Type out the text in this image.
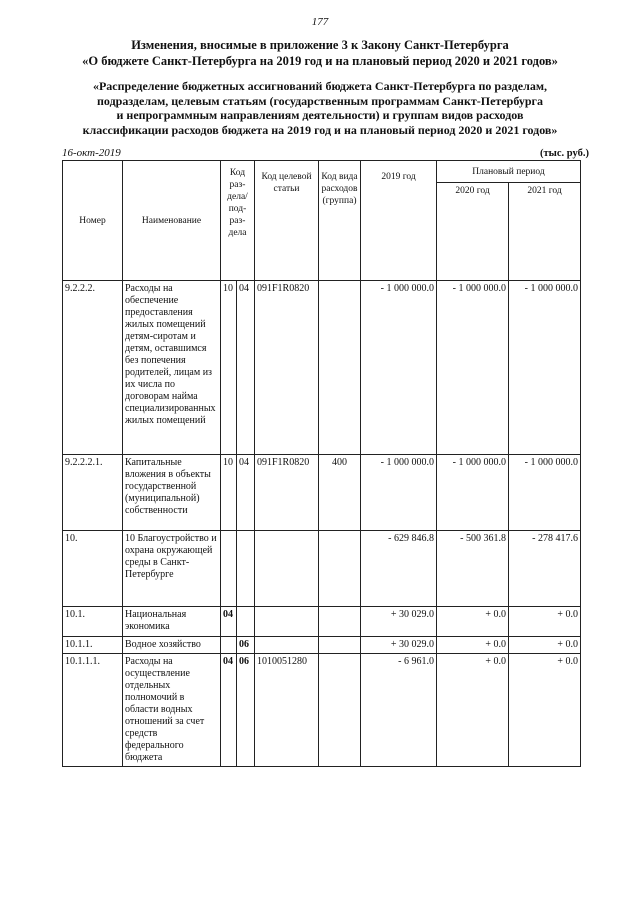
177
Изменения, вносимые в приложение 3 к Закону Санкт-Петербурга
«О бюджете Санкт-Петербурга на 2019 год и на плановый период 2020 и 2021 годов»
«Распределение бюджетных ассигнований бюджета Санкт-Петербурга по разделам,
подразделам, целевым статьям (государственным программам Санкт-Петербурга
и непрограммным направлениям деятельности) и группам видов расходов
классификации расходов бюджета на 2019 год и на плановый период 2020 и 2021 годов»
16-окт-2019	(тыс. руб.)
Номер	Наименование	Код раз-дела/ под-раз-дела		Код целевой статьи	Код вида расходов (группа)	2019 год	Плановый период	
							2020 год	2021 год
9.2.2.2.	Расходы на обеспечение предоставления жилых помещений детям-сиротам и детям, оставшимся без попечения родителей, лицам из их числа по договорам найма специализированных жилых помещений	10	04	091F1R0820		- 1 000 000.0	- 1 000 000.0	- 1 000 000.0
9.2.2.2.1.	Капитальные вложения в объекты государственной (муниципальной) собственности	10	04	091F1R0820	400	- 1 000 000.0	- 1 000 000.0	- 1 000 000.0
10.	10 Благоустройство и охрана окружающей среды в Санкт-Петербурге					- 629 846.8	- 500 361.8	- 278 417.6
10.1.	Национальная экономика	04				+ 30 029.0	+ 0.0	+ 0.0
10.1.1.	Водное хозяйство		06			+ 30 029.0	+ 0.0	+ 0.0
10.1.1.1.	Расходы на осуществление отдельных полномочий в области водных отношений за счет средств федерального бюджета	04	06	1010051280		- 6 961.0	+ 0.0	+ 0.0
